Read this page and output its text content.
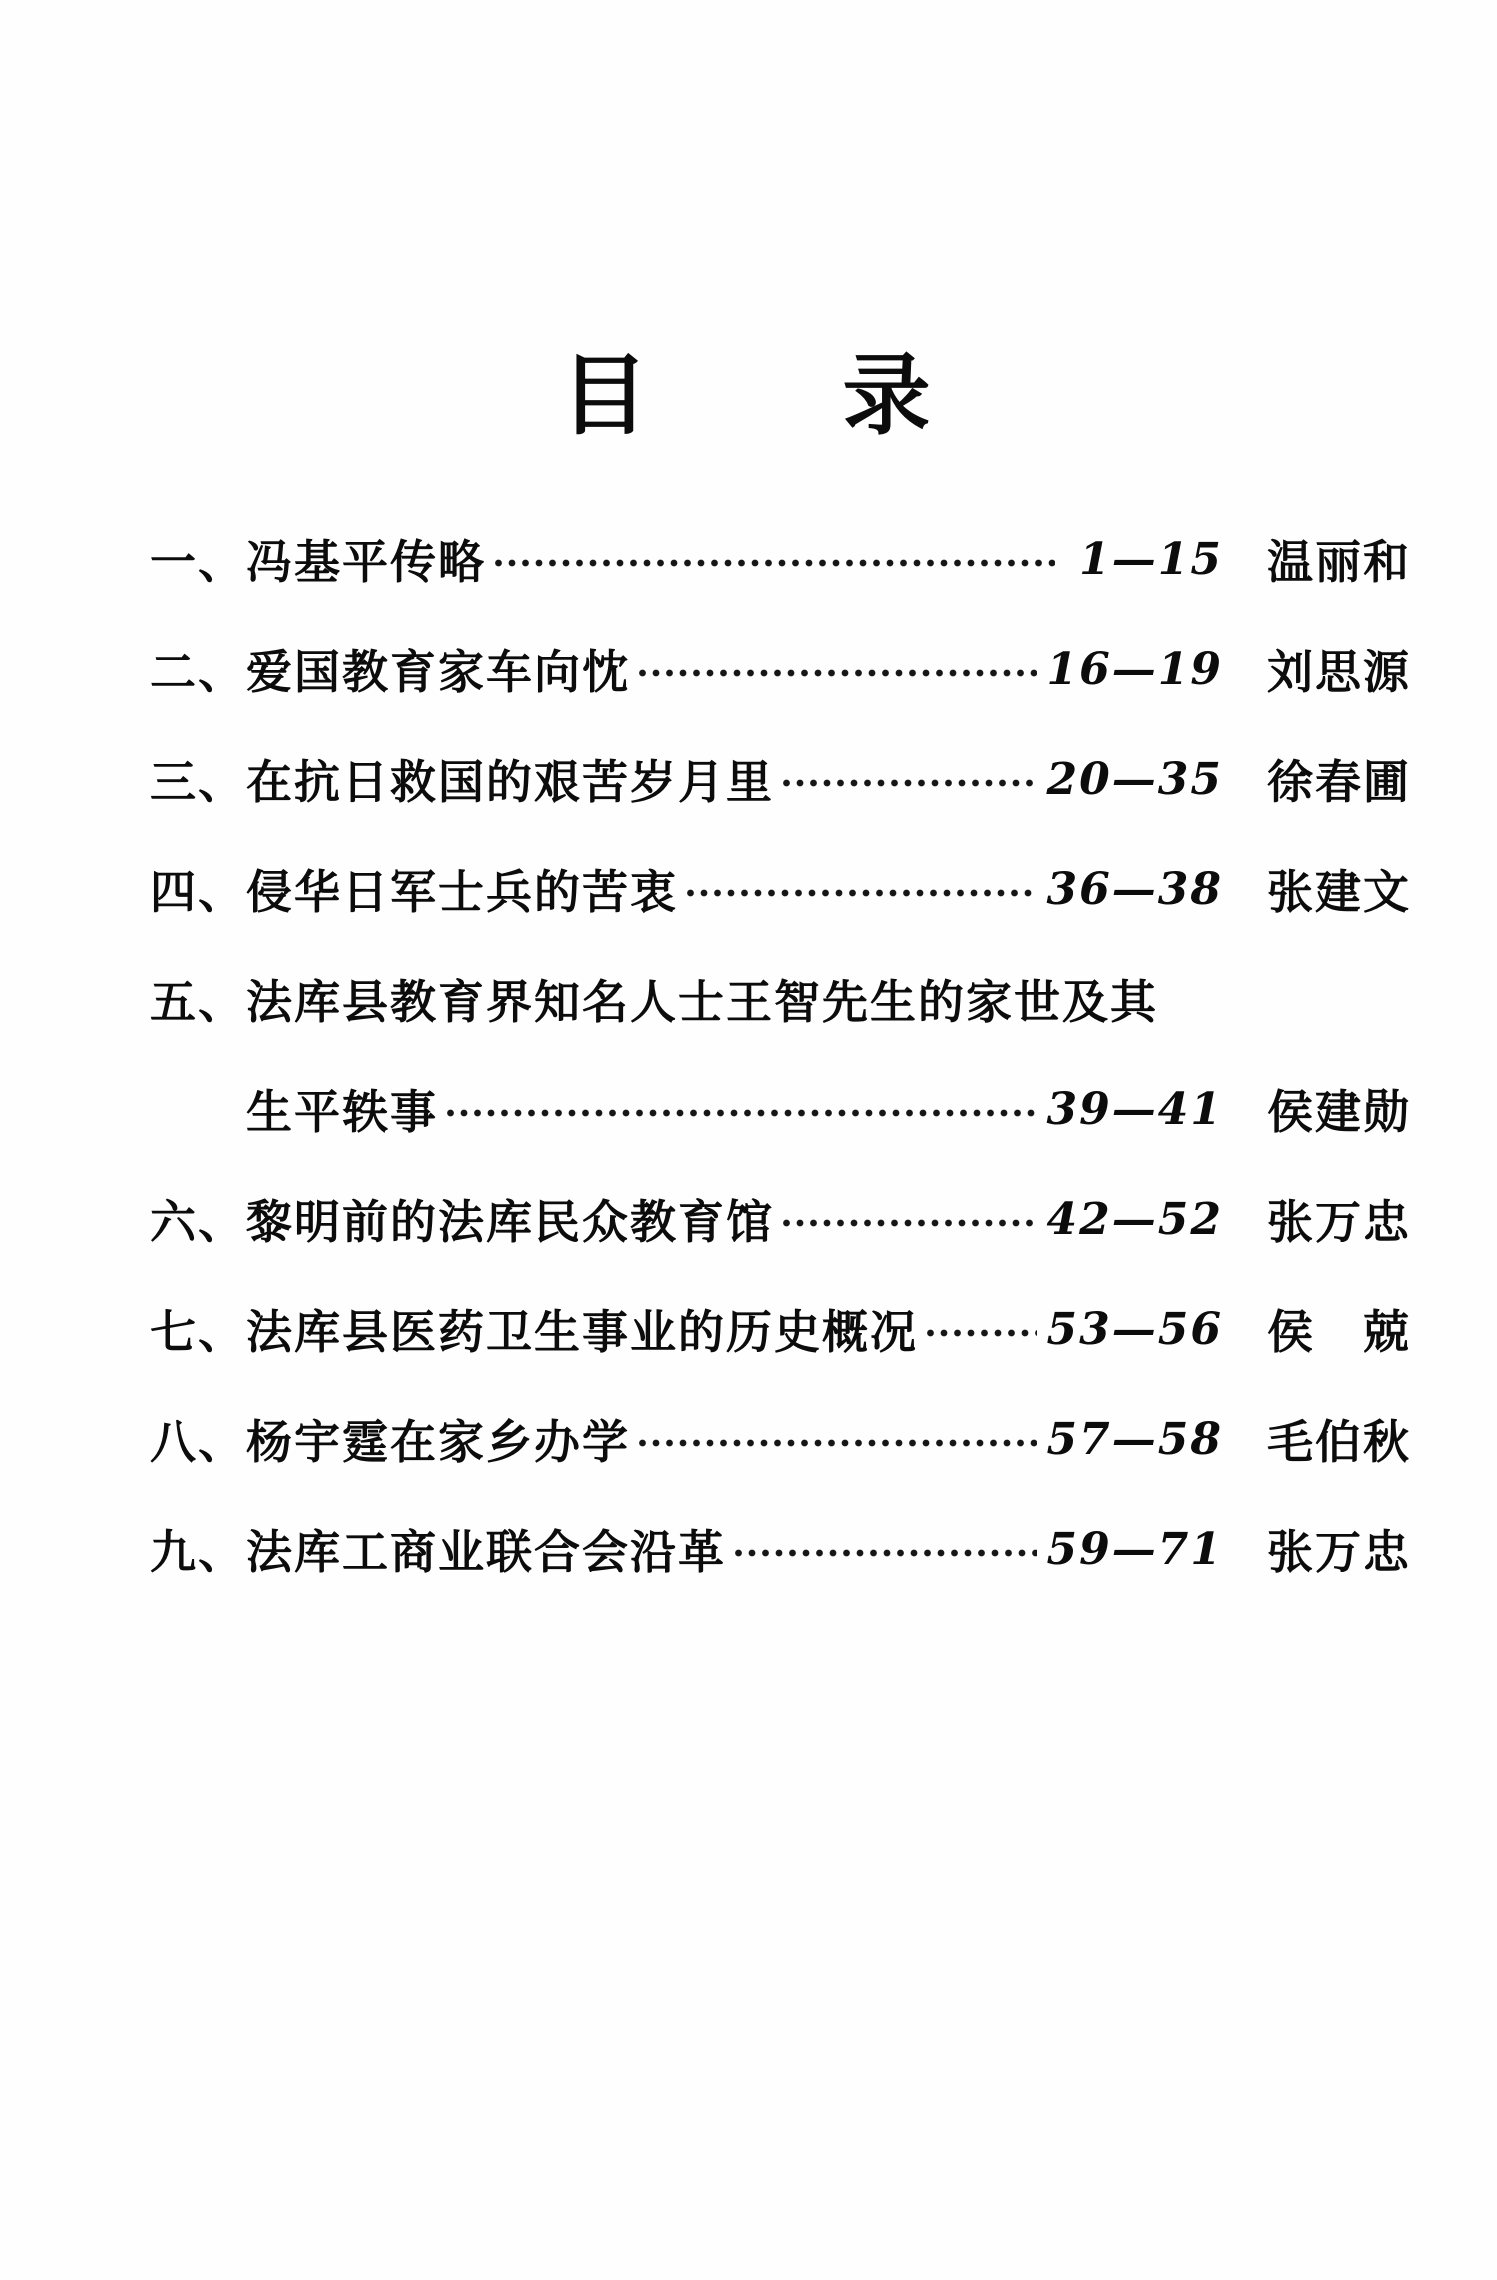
目　　录
一、 冯基平传略	1—15 温丽和
二、 爱国教育家车向忱	16—19 刘思源
三、 在抗日救国的艰苦岁月里	20—35 徐春圃
四、 侵华日军士兵的苦衷	36—38 张建文
五、 法库县教育界知名人士王智先生的家世及其
生平轶事	39—41 侯建勋
六、 黎明前的法库民众教育馆	42—52 张万忠
七、 法库县医药卫生事业的历史概况	53—56 侯　兢
八、 杨宇霆在家乡办学	57—58 毛伯秋
九、 法库工商业联合会沿革	59—71 张万忠
